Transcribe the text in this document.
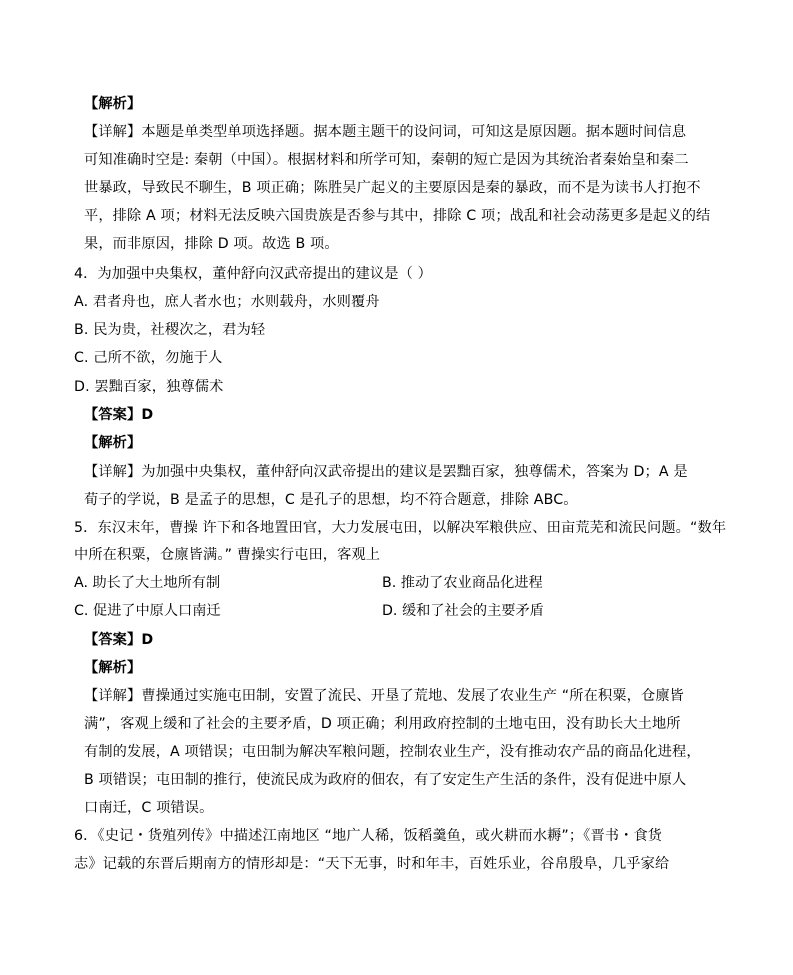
【解析】
【详解】本题是单类型单项选择题。据本题主题干的设问词，可知这是原因题。据本题时间信息
可知准确时空是: 秦朝（中国）。根据材料和所学可知，秦朝的短亡是因为其统治者秦始皇和秦二
世暴政，导致民不聊生，B 项正确；陈胜吴广起义的主要原因是秦的暴政，而不是为读书人打抱不
平，排除 A 项；材料无法反映六国贵族是否参与其中，排除 C 项；战乱和社会动荡更多是起义的结
果，而非原因，排除 D 项。故选 B 项。
4．为加强中央集权，董仲舒向汉武帝提出的建议是（ ）
A. 君者舟也，庶人者水也；水则载舟，水则覆舟
B. 民为贵，社稷次之，君为轻
C. 己所不欲，勿施于人
D. 罢黜百家，独尊儒术
【答案】D
【解析】
【详解】为加强中央集权，董仲舒向汉武帝提出的建议是罢黜百家，独尊儒术，答案为 D；A 是
荀子的学说，B 是孟子的思想，C 是孔子的思想，均不符合题意，排除 ABC。
5．东汉末年，曹操 许下和各地置田官，大力发展屯田，以解决军粮供应、田亩荒芜和流民问题。“数年
中所在积粟，仓廪皆满。” 曹操实行屯田，客观上
A. 助长了大土地所有制	B. 推动了农业商品化进程
C. 促进了中原人口南迁	D. 缓和了社会的主要矛盾
【答案】D
【解析】
【详解】曹操通过实施屯田制，安置了流民、开垦了荒地、发展了农业生产 “所在积粟，仓廪皆
满”，客观上缓和了社会的主要矛盾，D 项正确；利用政府控制的土地屯田，没有助长大土地所
有制的发展，A 项错误；屯田制为解决军粮问题，控制农业生产，没有推动农产品的商品化进程，
B 项错误；屯田制的推行，使流民成为政府的佃农，有了安定生产生活的条件，没有促进中原人
口南迁，C 项错误。
6．《史记・货殖列传》中描述江南地区 “地广人稀，饭稻羹鱼，或火耕而水耨”；《晋书・食货
志》记载的东晋后期南方的情形却是：“天下无事，时和年丰，百姓乐业，谷帛殷阜，几乎家给
